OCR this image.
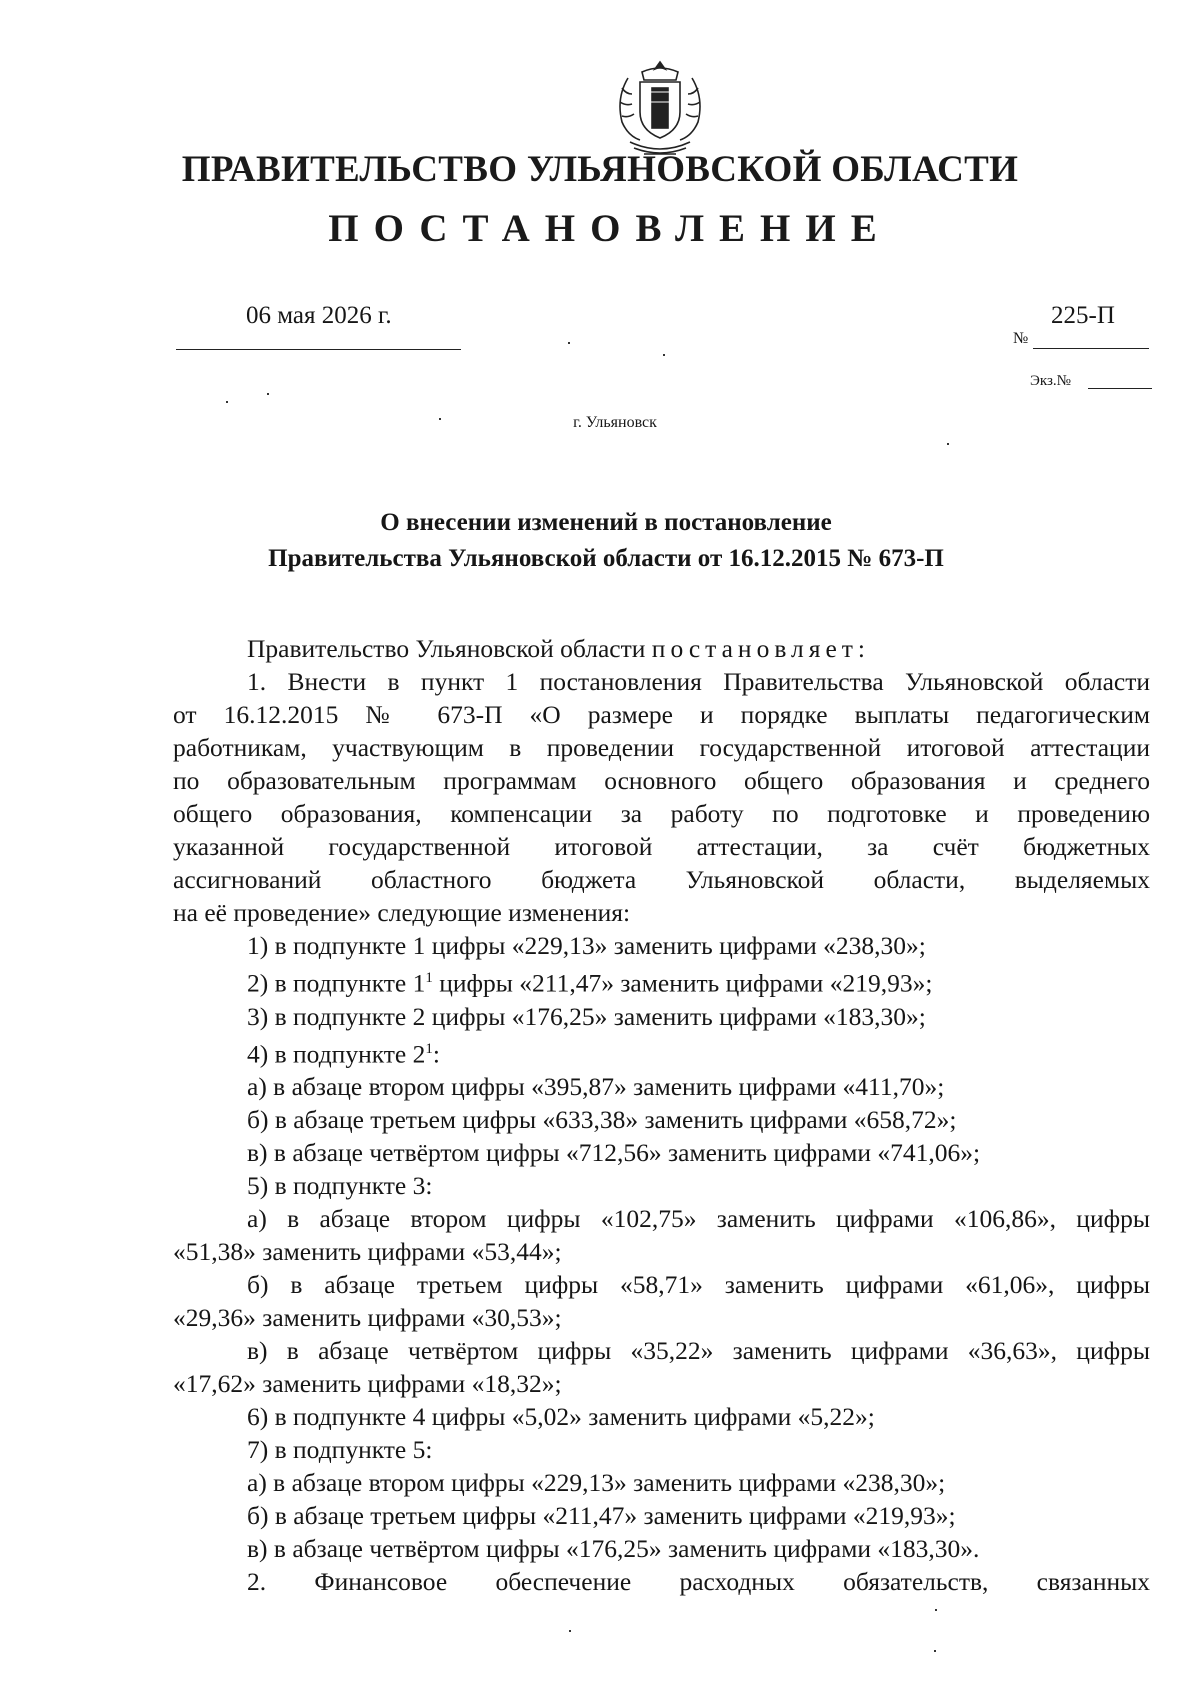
ПРАВИТЕЛЬСТВО УЛЬЯНОВСКОЙ ОБЛАСТИ
ПОСТАНОВЛЕНИЕ
06 мая 2026 г.
№
225-П
Экз.№
г. Ульяновск
О внесении изменений в постановление
Правительства Ульяновской области от 16.12.2015 № 673-П

Правительство Ульяновской области постановляет:

1. Внести в пункт 1 постановления Правительства Ульяновской области

от 16.12.2015 № 673-П «О размере и порядке выплаты педагогическим

работникам, участвующим в проведении государственной итоговой аттестации

по образовательным программам основного общего образования и среднего

общего образования, компенсации за работу по подготовке и проведению

указанной государственной итоговой аттестации, за счёт бюджетных

ассигнований областного бюджета Ульяновской области, выделяемых

на её проведение» следующие изменения:

1) в подпункте 1 цифры «229,13» заменить цифрами «238,30»;

2) в подпункте $1^1$ цифры «211,47» заменить цифрами «219,93»;

3) в подпункте 2 цифры «176,25» заменить цифрами «183,30»;

4) в подпункте $2^1$:

а) в абзаце втором цифры «395,87» заменить цифрами «411,70»;

б) в абзаце третьем цифры «633,38» заменить цифрами «658,72»;

в) в абзаце четвёртом цифры «712,56» заменить цифрами «741,06»;

5) в подпункте 3:

а) в абзаце втором цифры «102,75» заменить цифрами «106,86», цифры

«51,38» заменить цифрами «53,44»;

б) в абзаце третьем цифры «58,71» заменить цифрами «61,06», цифры

«29,36» заменить цифрами «30,53»;

в) в абзаце четвёртом цифры «35,22» заменить цифрами «36,63», цифры

«17,62» заменить цифрами «18,32»;

6) в подпункте 4 цифры «5,02» заменить цифрами «5,22»;

7) в подпункте 5:

а) в абзаце втором цифры «229,13» заменить цифрами «238,30»;

б) в абзаце третьем цифры «211,47» заменить цифрами «219,93»;

в) в абзаце четвёртом цифры «176,25» заменить цифрами «183,30».

2. Финансовое обеспечение расходных обязательств, связанных
